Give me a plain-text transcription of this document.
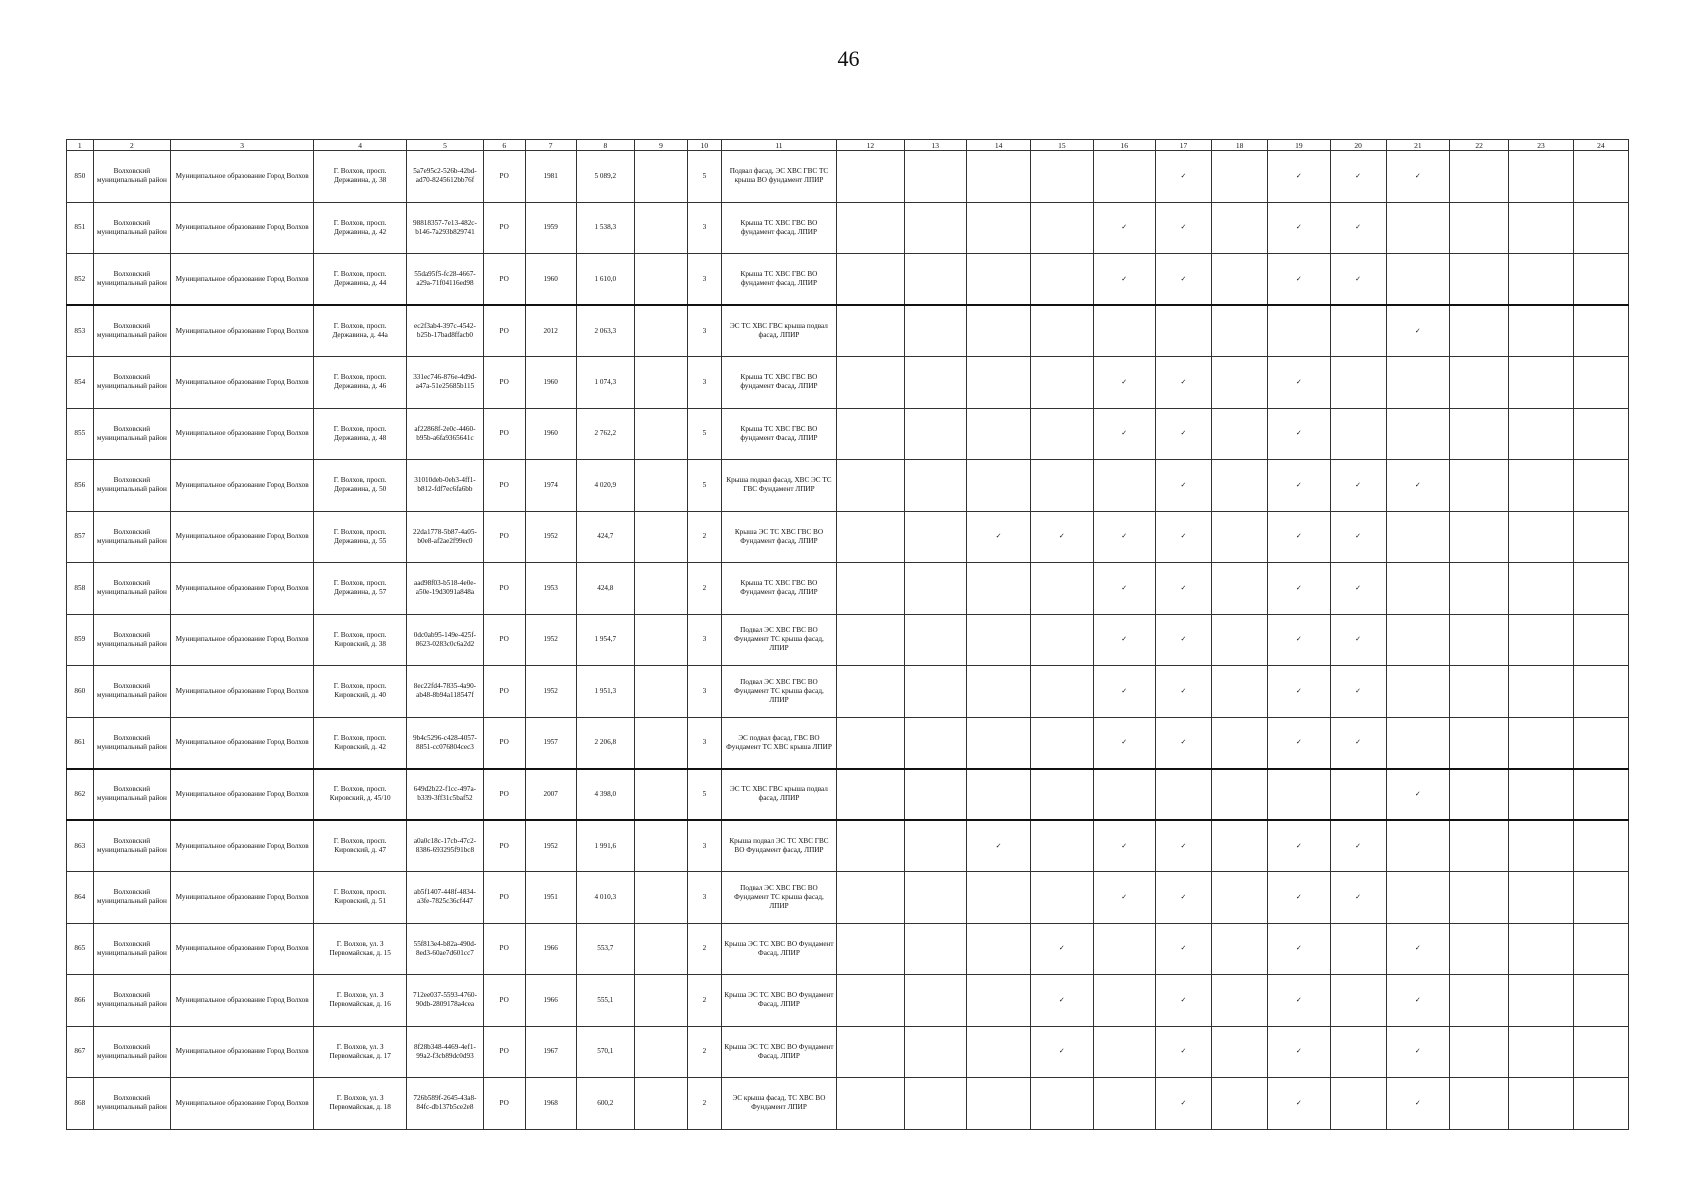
46
1	2	3	4	5	6	7	8	9	10	11	12	13	14	15	16	17	18	19	20	21	22	23	24
850	Волховский муниципальный район	Муниципальное образование Город Волхов	Г. Волхов, просп. Державина, д. 38	5a7e95c2-526b-42bd-ad70-8245612bb76f	РО	1981	5 089,2		5	Подвал фасад, ЭС ХВС ГВС ТС крыша ВО фундамент ЛПИР						✓		✓	✓	✓			
851	Волховский муниципальный район	Муниципальное образование Город Волхов	Г. Волхов, просп. Державина, д. 42	98818357-7e13-482c-b146-7a293b829741	РО	1959	1 538,3		3	Крыша ТС ХВС ГВС ВО фундамент фасад, ЛПИР					✓	✓		✓	✓				
852	Волховский муниципальный район	Муниципальное образование Город Волхов	Г. Волхов, просп. Державина, д. 44	55da95f5-fc28-4667-a29a-71f04116ed98	РО	1960	1 610,0		3	Крыша ТС ХВС ГВС ВО фундамент фасад, ЛПИР					✓	✓		✓	✓				
853	Волховский муниципальный район	Муниципальное образование Город Волхов	Г. Волхов, просп. Державина, д. 44а	ec2f3ab4-397c-4542-b25b-17bad8ffacb0	РО	2012	2 063,3		3	ЭС ТС ХВС ГВС крыша подвал фасад, ЛПИР										✓			
854	Волховский муниципальный район	Муниципальное образование Город Волхов	Г. Волхов, просп. Державина, д. 46	331ec746-876e-4d9d-a47a-51e25685b115	РО	1960	1 074,3		3	Крыша ТС ХВС ГВС ВО фундамент Фасад, ЛПИР					✓	✓		✓					
855	Волховский муниципальный район	Муниципальное образование Город Волхов	Г. Волхов, просп. Державина, д. 48	af22868f-2e0c-4460-b95b-a6fa9365641c	РО	1960	2 762,2		5	Крыша ТС ХВС ГВС ВО фундамент Фасад, ЛПИР					✓	✓		✓					
856	Волховский муниципальный район	Муниципальное образование Город Волхов	Г. Волхов, просп. Державина, д. 50	31010deb-0eb3-4ff1-b812-fdf7ec6fa6bb	РО	1974	4 020,9		5	Крыша подвал фасад, ХВС ЭС ТС ГВС Фундамент ЛПИР						✓		✓	✓	✓			
857	Волховский муниципальный район	Муниципальное образование Город Волхов	Г. Волхов, просп. Державина, д. 55	22da1778-5b87-4a05-b0e8-af2ae2f99ec0	РО	1952	424,7		2	Крыша ЭС ТС ХВС ГВС ВО Фундамент фасад, ЛПИР			✓	✓	✓	✓		✓	✓				
858	Волховский муниципальный район	Муниципальное образование Город Волхов	Г. Волхов, просп. Державина, д. 57	aad98f03-b518-4e0e-a50e-19d3091a848a	РО	1953	424,8		2	Крыша ТС ХВС ГВС ВО Фундамент фасад, ЛПИР					✓	✓		✓	✓				
859	Волховский муниципальный район	Муниципальное образование Город Волхов	Г. Волхов, просп. Кировский, д. 38	0dc0ab95-149e-425f-8623-0283c0c6a2d2	РО	1952	1 954,7		3	Подвал ЭС ХВС ГВС ВО Фундамент ТС крыша фасад, ЛПИР					✓	✓		✓	✓				
860	Волховский муниципальный район	Муниципальное образование Город Волхов	Г. Волхов, просп. Кировский, д. 40	8ec22fd4-7835-4a90-ab48-8b94a118547f	РО	1952	1 951,3		3	Подвал ЭС ХВС ГВС ВО Фундамент ТС крыша фасад, ЛПИР					✓	✓		✓	✓				
861	Волховский муниципальный район	Муниципальное образование Город Волхов	Г. Волхов, просп. Кировский, д. 42	9b4c5296-c428-4057-8851-cc076804cec3	РО	1957	2 206,8		3	ЭС подвал фасад, ГВС ВО Фундамент ТС ХВС крыша ЛПИР					✓	✓		✓	✓				
862	Волховский муниципальный район	Муниципальное образование Город Волхов	Г. Волхов, просп. Кировский, д. 45/10	649d2b22-f1cc-497a-b339-3ff31c5baf52	РО	2007	4 398,0		5	ЭС ТС ХВС ГВС крыша подвал фасад, ЛПИР										✓			
863	Волховский муниципальный район	Муниципальное образование Город Волхов	Г. Волхов, просп. Кировский, д. 47	a0a0c18c-17cb-47c2-8386-693295f91bc8	РО	1952	1 991,6		3	Крыша подвал ЭС ТС ХВС ГВС ВО Фундамент фасад, ЛПИР			✓		✓	✓		✓	✓				
864	Волховский муниципальный район	Муниципальное образование Город Волхов	Г. Волхов, просп. Кировский, д. 51	ab5f1407-448f-4834-a3fe-7825c36cf447	РО	1951	4 010,3		3	Подвал ЭС ХВС ГВС ВО Фундамент ТС крыша фасад, ЛПИР					✓	✓		✓	✓				
865	Волховский муниципальный район	Муниципальное образование Город Волхов	Г. Волхов, ул. З Первомайская, д. 15	55f813e4-b82a-490d-8ed3-60ae7d601cc7	РО	1966	553,7		2	Крыша ЭС ТС ХВС ВО Фундамент Фасад, ЛПИР				✓		✓		✓		✓			
866	Волховский муниципальный район	Муниципальное образование Город Волхов	Г. Волхов, ул. З Первомайская, д. 16	712ee037-5593-4760-90db-2809178a4cea	РО	1966	555,1		2	Крыша ЭС ТС ХВС ВО Фундамент Фасад, ЛПИР				✓		✓		✓		✓			
867	Волховский муниципальный район	Муниципальное образование Город Волхов	Г. Волхов, ул. З Первомайская, д. 17	8f28b348-4469-4ef1-99a2-f3cb89dc0d93	РО	1967	570,1		2	Крыша ЭС ТС ХВС ВО Фундамент Фасад, ЛПИР				✓		✓		✓		✓			
868	Волховский муниципальный район	Муниципальное образование Город Волхов	Г. Волхов, ул. З Первомайская, д. 18	726b589f-2645-43a8-84fc-db137b5ce2e8	РО	1968	600,2		2	ЭС крыша фасад, ТС ХВС ВО Фундамент ЛПИР						✓		✓		✓			
